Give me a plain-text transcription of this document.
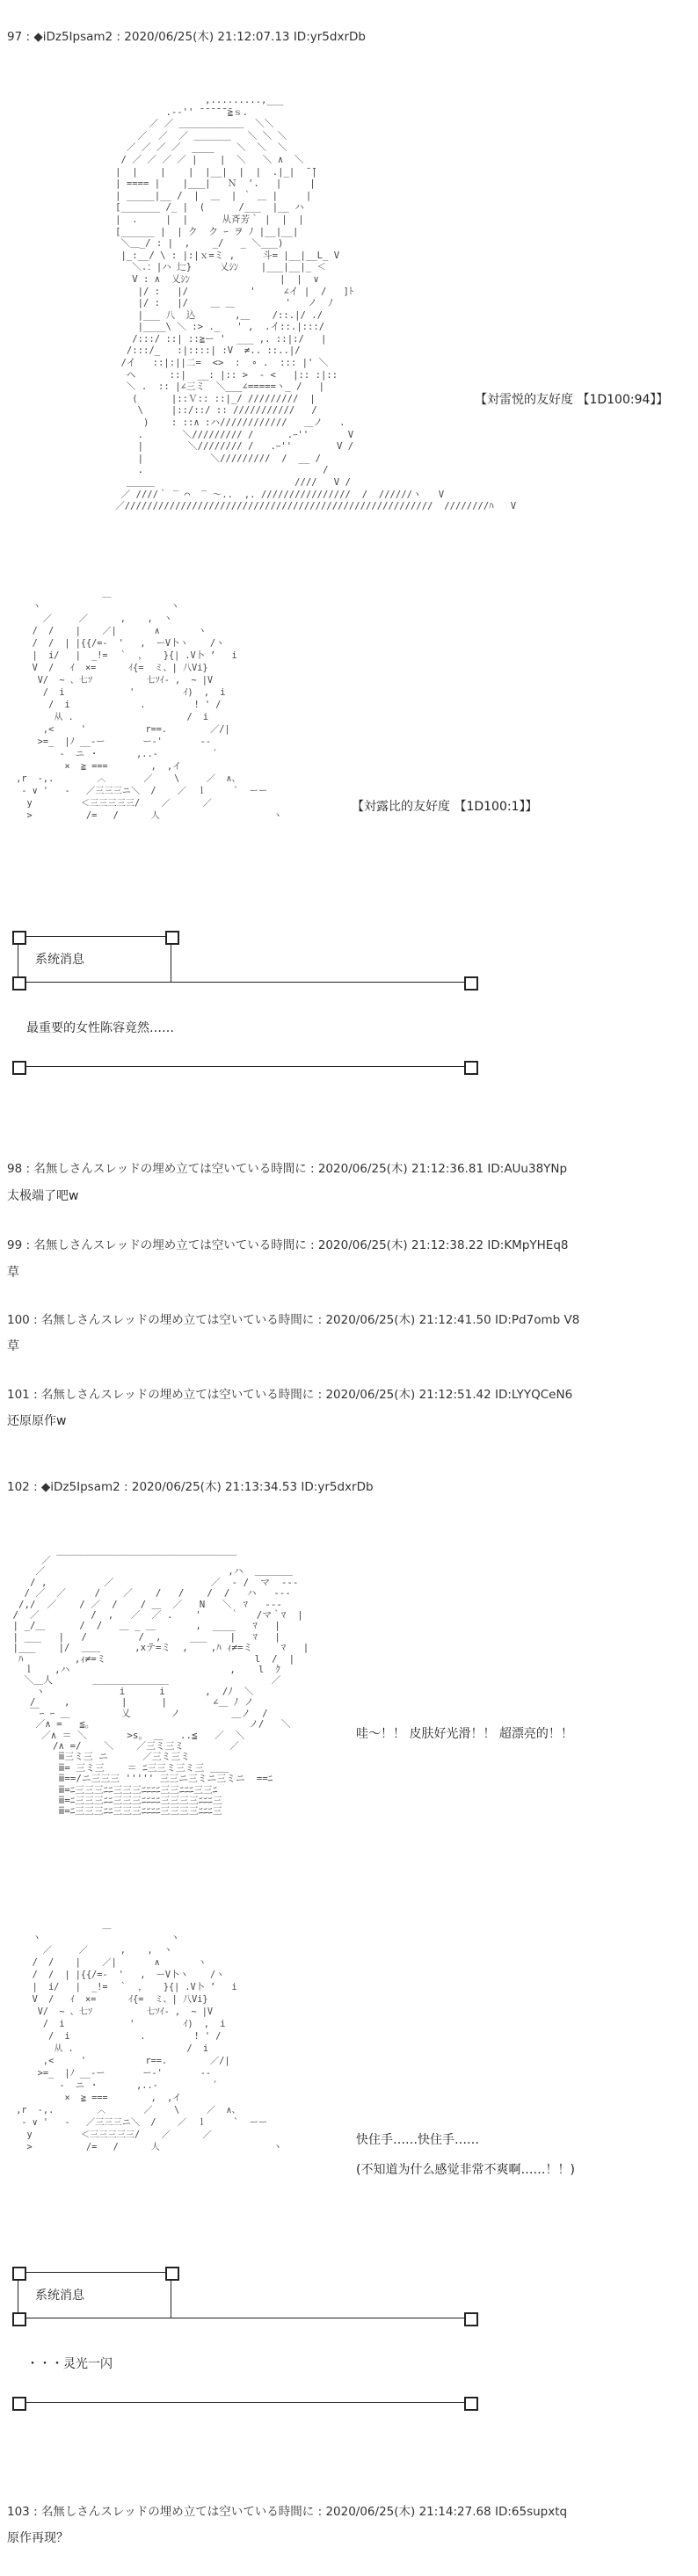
97 : ◆iDz5Ipsam2 : 2020/06/25(木) 21:12:07.13 ID:yr5dxrDb
,.........,___
.-‐'' ̄ ̄ ̄ ̄ ̄ ̄≧ｓ.
／ ／ ＿＿＿＿＿＿＿  ＼＼
／  ／  ／ ＿＿＿＿   ＼ ＼ ＼
／ ／ ／ ／  ____    ＼  ＼  ＼
/ ／ ／ ／ ／ |    |  ＼   ＼ ∧  ＼
|  |    |    |  |__|  |  |  .|_|  ̄ ̄|
| ==== |    |___|   Ｎ  '.   |     |
| _____|__ /  |  ＿  | ｀ ＿ |     |
[_______ /_ |  (      /___  |__ ハ
|  .     |  |      从斉芳｀ |  |  |
[______ |  | ク  ク ｰ ヲ ﾉ |__|__|
＼＿_/ : |  ,    _/   _ ＼___)
|_:__/ \ : |:|ｘ=ミ ,     斗= |__|__L_ V
＼.：|ハ 辷}     乂ｼﾝ    |___|__|_ ＜
V : ∧  乂ｼﾝ                |  |  ∨
|/ :   |/           '     ∠イ |  /   ]ﾄ
|/ :   |/    ＿ ＿         '   ノ  ﾉ
|___ 八  込       ,＿    /::.|/ ./
|____\ ＼ :> ._   ' ,  .イ::.|:::/
/:::/ ::| ::≧ー '  ___ ,. ::|:/   |
/:::/_   :|::::| :V  ≠.. ::..|/
/イ   ::|:||二=  <>  :  ∘ .  ::: |' ＼
ヘ      ::|  __: |:: >  - <   |:: :|::
＼ .  :: |∠三ミ  ＼___∠=====ヽ_ /   |
(      |::Ｖ:: ::|_/ /////////  |
\     |::/::/ :: ///////////   /
)    : ::∧ :ハ////////////   ＿ノ   .
.       ＼///////// /      .ｰ''       V
|        ＼//////// /   .ｰ''        V /
|            ＼/////////  /  __ /
.                                /
＿＿＿                         ////   V /
／ ////｀ ‾ ⌒  ‾ ～..  ,. ////////////////  /  //////ヽ   V
／///////////////////////////////////////////////////////  ////////ﾊ   V
【対雷悦的友好度 【1D100:94】】
＿
ヽ                        ヽ
／     ／      ,    ,  ヽ
/  /    |    ／|       ∧       ヽ
/  /  | |{{/=-  '   ,  ーV卜ヽ    /ヽ
|  i/   |  _!=  ｀  ，   }{| .V卜 ’   i
V  /   ｲ  ×=      ｲ{=  ミ、| 八Vi}
V/  ~ 、七ｿ          七ｿｲ- ,  ~ |V
/  i            '         ｲ)  ,  i
/  i             .         ! ' /
从 .                     /  i
,<     '           r==.        ／/|
>=_  |ﾉ __‐ー       ー‐'       -‐
‐  ニ ・       ,..-          ´
×  ≧ ===        ,  ,イ
,r  -,.        ︿       ／    \     ／  ∧、
‐ ∨ '   ‐   ／三三三ニ＼  /    ／  ｌ     `  ーー
y         ＜三三三三三/    ／      ／
>          /=   /      人                     ヽ
【対露比的友好度 【1D100:1】】
系统消息
最重要的女性陈容竟然……
98 : 名無しさんスレッドの埋め立ては空いている時間に : 2020/06/25(木) 21:12:36.81 ID:AUu38YNp
太极端了吧w
99 : 名無しさんスレッドの埋め立ては空いている時間に : 2020/06/25(木) 21:12:38.22 ID:KMpYHEq8
草
100 : 名無しさんスレッドの埋め立ては空いている時間に : 2020/06/25(木) 21:12:41.50 ID:Pd7omb V8
草
101 : 名無しさんスレッドの埋め立ては空いている時間に : 2020/06/25(木) 21:12:51.42 ID:LYYQCeN6
还原原作w
102 : ◆iDz5Ipsam2 : 2020/06/25(木) 21:13:34.53 ID:yr5dxrDb
／ ￣￣￣￣￣￣￣￣￣￣￣￣￣￣￣￣￣￣￣
／                                ,ハ  ＿＿＿＿
/ ,          ／                 ／  ‐ /  マ  ‐‐‐
/ ／  ／     /    ／    /   /    /  /   ハ   ‐‐‐
/,/  ／    / ／  /    / ＿  ／   N   ＼  ﾏ   ‐‐‐
/  ／         /  ,   ／  ／ .    '     ｀   /マ｀ﾏ  |
| _/＿      /  /   ＿ _ ＿       ,  ____   ﾏ   |
| ___   |   /         /  ,     ___    |   ﾏ   |
|___    |/  ＿＿      ,xテ=ミ  ,    ,ﾊ ｨ≠=ミ     ﾏ   |
ﾊ         ,ｨ≠=ミ                          l  /  |
ｌ　  ,ハ                            ,    l  ｸ
＼＿人       ＿＿＿＿＿＿＿＿                  ／
ヽ             i      i       ,  /ﾉ  ＼
/     ,         |      |        ∠＿ ﾉ ノ
￣ｰ ｰ ＿         乂       ノ         ＿ノ  /
／∧ =   ≦。                           ノ/   ＼
／∧ ＝ ＼       >s。 ＿   ..≦   ／  ＼
/∧ =/    ＼    ／三ミ三ミ        ／
ⅲ三ミ三 ニ      ／三ミ三ミ
ⅲ= 三ミ三    ＝ ﾆ三三ミ三ミ三 ＿＿
ⅲ==/ニ三三三 ''''' 三三ニ三ミニ三ミニ  ==ﾆ
ⅲ=ﾆ三三三ﾆﾆ三三三ﾆﾆﾆﾆ三三ﾆﾆﾆ三三ﾆ
ⅲ=ﾆ三三三ﾆﾆ三三三ﾆﾆﾆﾆ三三三三ﾆﾆﾆ三
ⅲ=ﾆ三三三ﾆﾆ三三三ﾆﾆﾆﾆ三三三三ﾆﾆﾆ三
哇～！！ 皮肤好光滑！！ 超漂亮的！！
＿
ヽ                        ヽ
／     ／      ,    ,  ヽ
/  /    |    ／|       ∧       ヽ
/  /  | |{{/=-  '   ,  ーV卜ヽ    /ヽ
|  i/   |  _!=  ｀  ，   }{| .V卜 ’   i
V  /   ｲ  ×=      ｲ{=  ミ、| 八Vi}
V/  ~ 、七ｿ          七ｿｲ- ,  ~ |V
/  i            '         ｲ)  ,  i
/  i             .         ! ' /
从 .                     /  i
,<     '           r==.        ／/|
>=_  |ﾉ __‐ー       ー‐'       -‐
‐  ニ ・       ,..-          ´
×  ≧ ===        ,  ,イ
,r  -,.        ︿       ／    \     ／  ∧、
‐ ∨ '   ‐   ／三三三ニ＼  /    ／  ｌ     `  ーー
y         ＜三三三三三/    ／      ／
>          /=   /      人                     ヽ
快住手……快住手……
(不知道为什么感觉非常不爽啊……！！)
系统消息
・・・灵光一闪
103 : 名無しさんスレッドの埋め立ては空いている時間に : 2020/06/25(木) 21:14:27.68 ID:65supxtq
原作再现？
